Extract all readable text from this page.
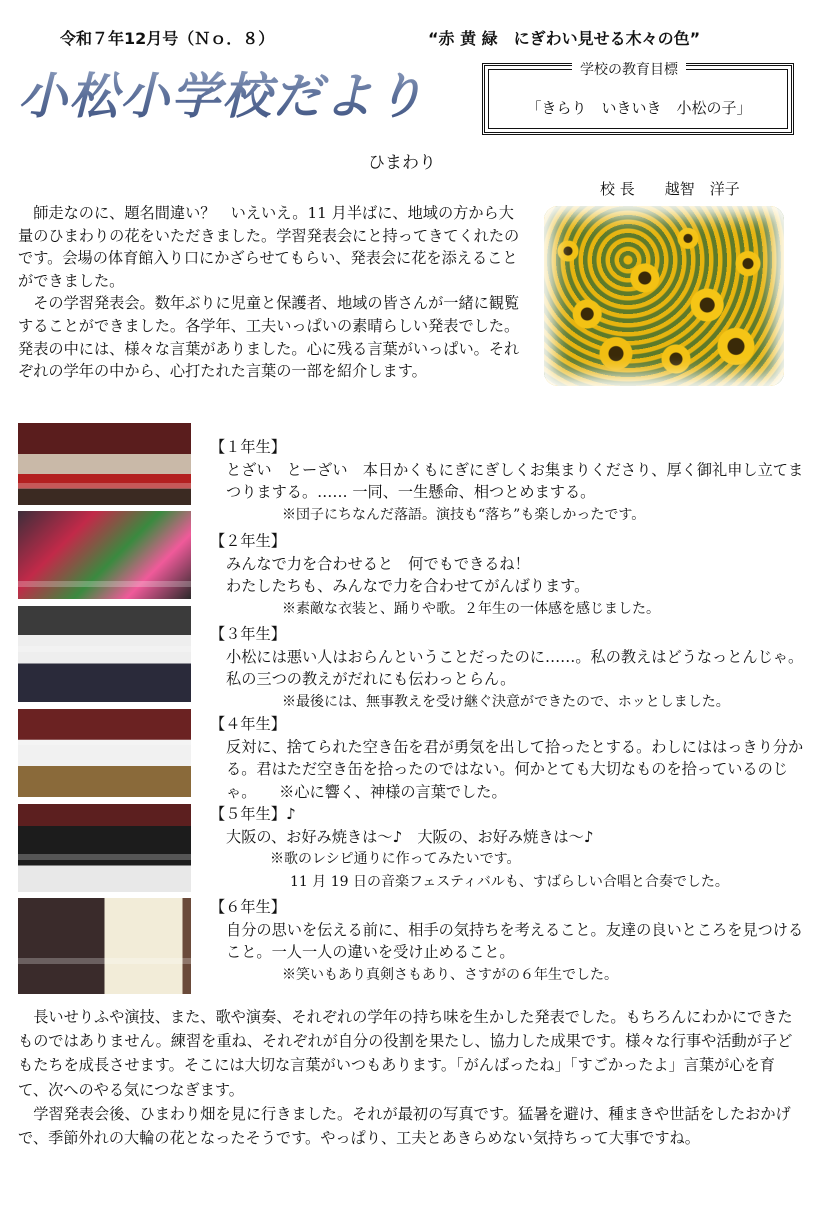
令和７年12月号（Ｎｏ．８）	“赤 黄 緑　にぎわい見せる木々の色”
小松小学校だより	学校の教育目標
「きらり　いきいき　小松の子」
ひまわり
校 長　　越智　洋子

師走なのに、題名間違い？　いえいえ。11 月半ばに、地域の方から大量のひまわりの花をいただきました。学習発表会にと持ってきてくれたのです。会場の体育館入り口にかざらせてもらい、発表会に花を添えることができました。

その学習発表会。数年ぶりに児童と保護者、地域の皆さんが一緒に観覧することができました。各学年、工夫いっぱいの素晴らしい発表でした。発表の中には、様々な言葉がありました。心に残る言葉がいっぱい。それぞれの学年の中から、心打たれた言葉の一部を紹介します。

【１年生】
とざい　とーざい　本日かくもにぎにぎしくお集まりくださり、厚く御礼申し立てまつりまする。…… 一同、一生懸命、相つとめまする。
※団子にちなんだ落語。演技も“落ち”も楽しかったです。
【２年生】
みんなで力を合わせると　何でもできるね！
わたしたちも、みんなで力を合わせてがんばります。
※素敵な衣装と、踊りや歌。２年生の一体感を感じました。
【３年生】
小松には悪い人はおらんということだったのに……。私の教えはどうなっとんじゃ。私の三つの教えがだれにも伝わっとらん。
※最後には、無事教えを受け継ぐ決意ができたので、ホッとしました。
【４年生】
反対に、捨てられた空き缶を君が勇気を出して拾ったとする。わしにははっきり分かる。君はただ空き缶を拾ったのではない。何かとても大切なものを拾っているのじゃ。　　※心に響く、神様の言葉でした。
【５年生】♪
大阪の、お好み焼きは～♪　大阪の、お好み焼きは～♪
※歌のレシピ通りに作ってみたいです。
11 月 19 日の音楽フェスティバルも、すばらしい合唱と合奏でした。
【６年生】
自分の思いを伝える前に、相手の気持ちを考えること。友達の良いところを見つけること。一人一人の違いを受け止めること。
※笑いもあり真剣さもあり、さすがの６年生でした。

長いせりふや演技、また、歌や演奏、それぞれの学年の持ち味を生かした発表でした。もちろんにわかにできたものではありません。練習を重ね、それぞれが自分の役割を果たし、協力した成果です。様々な行事や活動が子どもたちを成長させます。そこには大切な言葉がいつもあります。「がんばったね」「すごかったよ」言葉が心を育て、次へのやる気につなぎます。

学習発表会後、ひまわり畑を見に行きました。それが最初の写真です。猛暑を避け、種まきや世話をしたおかげで、季節外れの大輪の花となったそうです。やっぱり、工夫とあきらめない気持ちって大事ですね。
